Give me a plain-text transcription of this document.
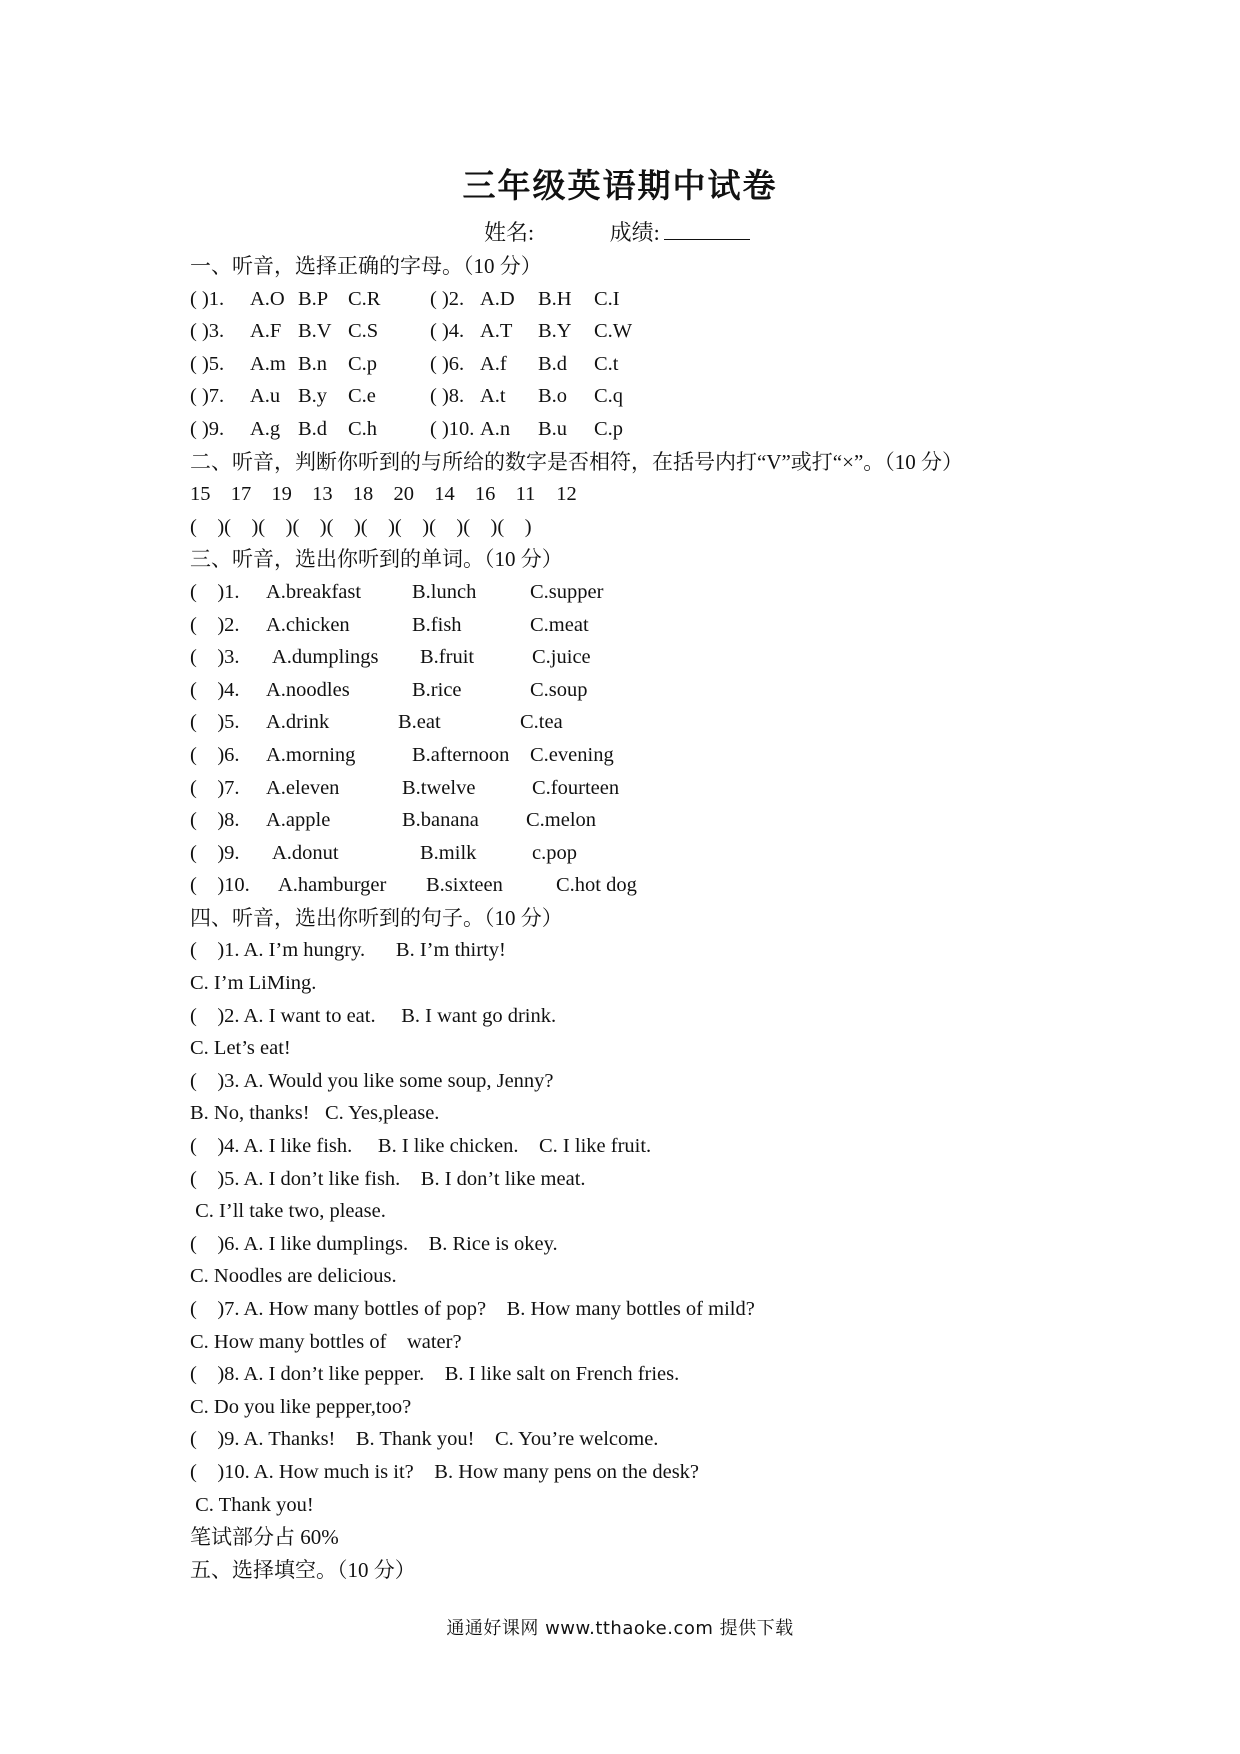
三年级英语期中试卷
姓名:	成绩:
一、听音，选择正确的字母。（10 分）
( )1. A.O B.P C.R ( )2. A.D B.H C.I
( )3. A.F B.V C.S	( )4. A.T B.Y C.W
( )5. A.m B.n C.p	( )6. A.f B.d C.t
( )7. A.u B.y C.e	( )8. A.t B.o C.q
( )9. A.g B.d C.h	( )10. A.n B.u C.p
二、听音，判断你听到的与所给的数字是否相符，在括号内打“V”或打“×”。（10 分）
15 17 19 13 18 20 14 16 11 12
(    )(    )(    )(    )(    )(    )(    )(    )(    )(    )
三、听音，选出你听到的单词。（10 分）
(    )1. A.breakfast B.lunch	C.supper
(    )2. A.chicken	B.fish	C.meat
(    )3. A.dumplings B.fruit	C.juice
(    )4. A.noodles	B.rice	C.soup
(    )5. A.drink	B.eat	C.tea
(    )6. A.morning	B.afternoon C.evening
(    )7. A.eleven	B.twelve	C.fourteen
(    )8. A.apple	B.banana C.melon
(    )9. A.donut	B.milk	c.pop
(    )10. A.hamburger B.sixteen	C.hot dog
四、听音，选出你听到的句子。（10 分）
(    )1. A. I’m hungry.      B. I’m thirty!
C. I’m LiMing.
(    )2. A. I want to eat.     B. I want go drink.
C. Let’s eat!
(    )3. A. Would you like some soup, Jenny?
B. No, thanks!   C. Yes,please.
(    )4. A. I like fish.     B. I like chicken.    C. I like fruit.
(    )5. A. I don’t like fish.    B. I don’t like meat.
C. I’ll take two, please.
(    )6. A. I like dumplings.    B. Rice is okey.
C. Noodles are delicious.
(    )7. A. How many bottles of pop?    B. How many bottles of mild?
C. How many bottles of    water?
(    )8. A. I don’t like pepper.    B. I like salt on French fries.
C. Do you like pepper,too?
(    )9. A. Thanks!    B. Thank you!    C. You’re welcome.
(    )10. A. How much is it?    B. How many pens on the desk?
C. Thank you!
笔试部分占 60%
五、选择填空。（10 分）
通通好课网 www.tthaoke.com 提供下载
